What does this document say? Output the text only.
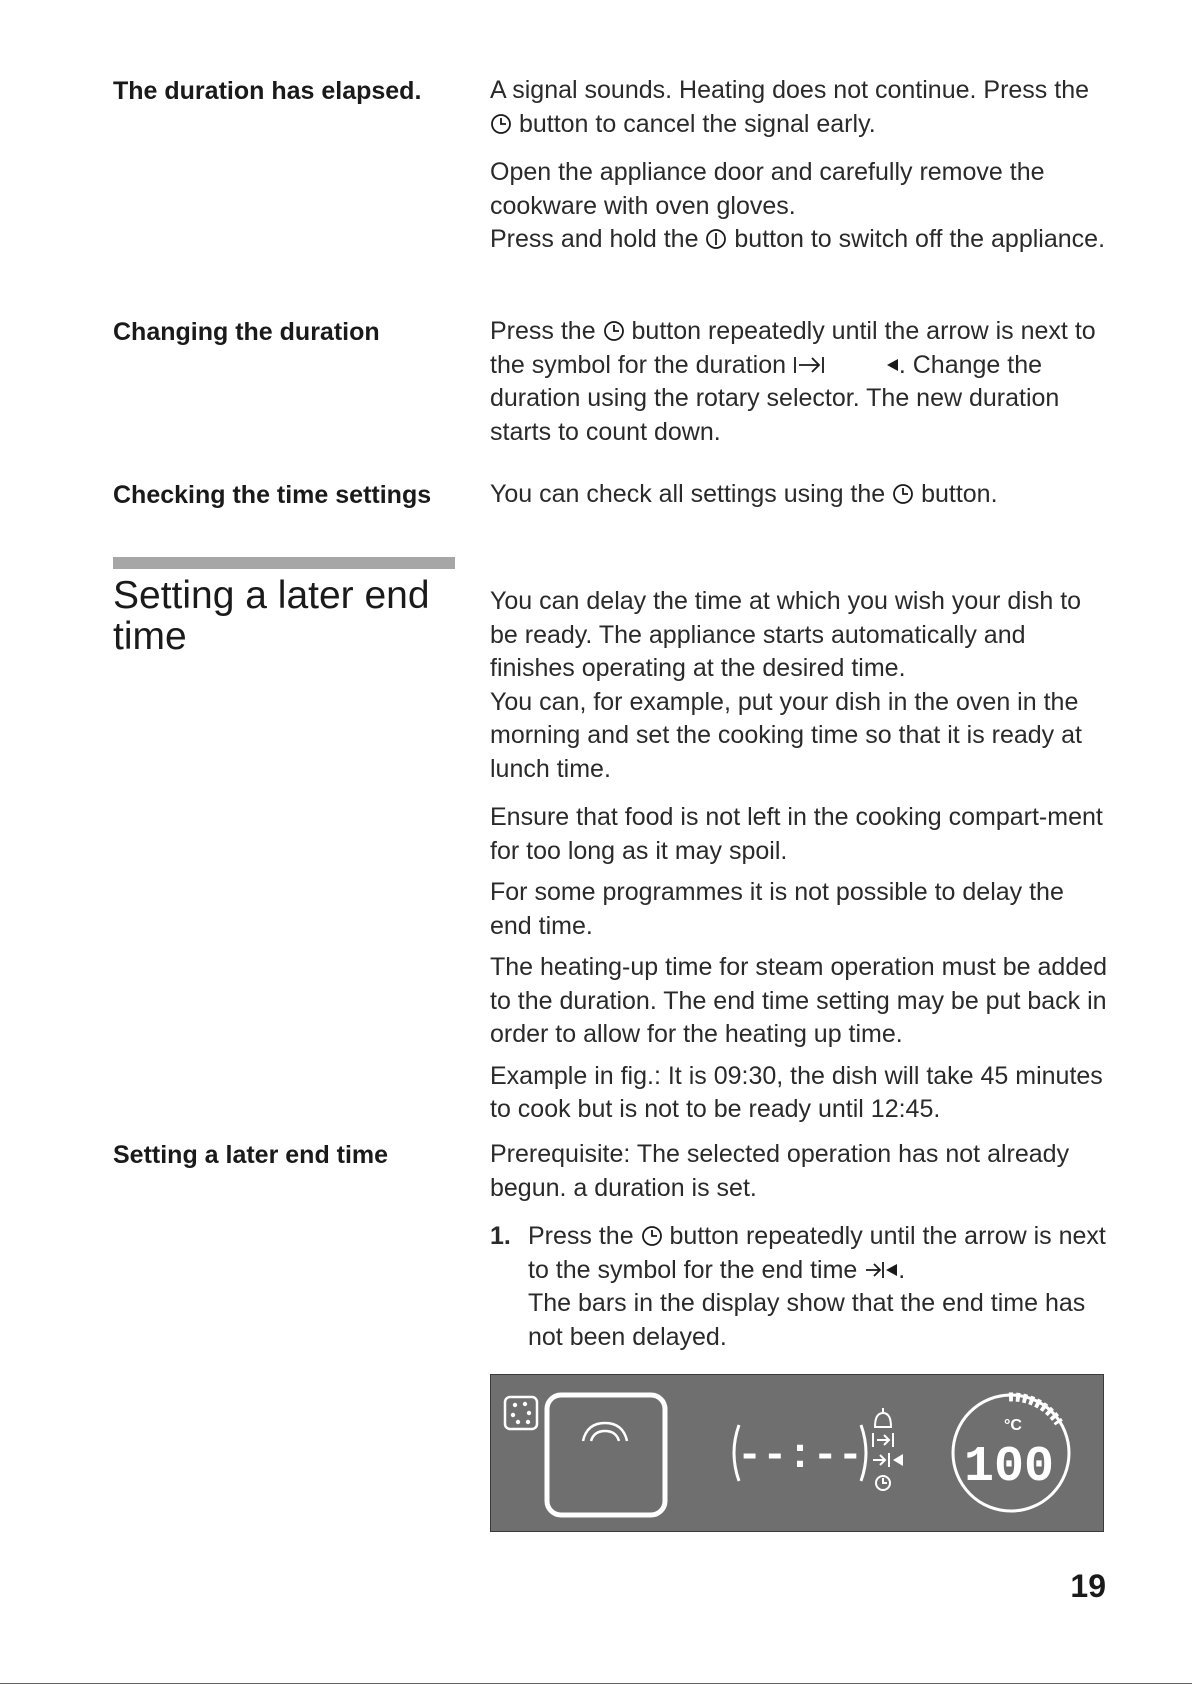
The duration has elapsed.	A signal sounds. Heating does not continue. Press the  button to cancel the signal early.

Open the appliance door and carefully remove the cookware with oven gloves.

Press and hold the button to switch off the appliance.

Changing the duration	Press the button repeatedly until the arrow is next to the symbol for the duration	. Change the duration using the rotary selector. The new duration starts to count down.

Checking the time settings	You can check all settings using the button.

Setting a later end time

You can delay the time at which you wish your dish to be ready. The appliance starts automatically and finishes operating at the desired time.

You can, for example, put your dish in the oven in the morning and set the cooking time so that it is ready at lunch time.

Ensure that food is not left in the cooking compart-ment for too long as it may spoil.

For some programmes it is not possible to delay the end time.

The heating-up time for steam operation must be added to the duration. The end time setting may be put back in order to allow for the heating up time.

Example in fig.: It is 09:30, the dish will take 45 minutes to cook but is not to be ready until 12:45.

Setting a later end time	Prerequisite: The selected operation has not already begun. a duration is set.

1. Press the button repeatedly until the arrow is next to the symbol for the end time .
The bars in the display show that the end time has not been delayed.
--:--
°C
100
19
